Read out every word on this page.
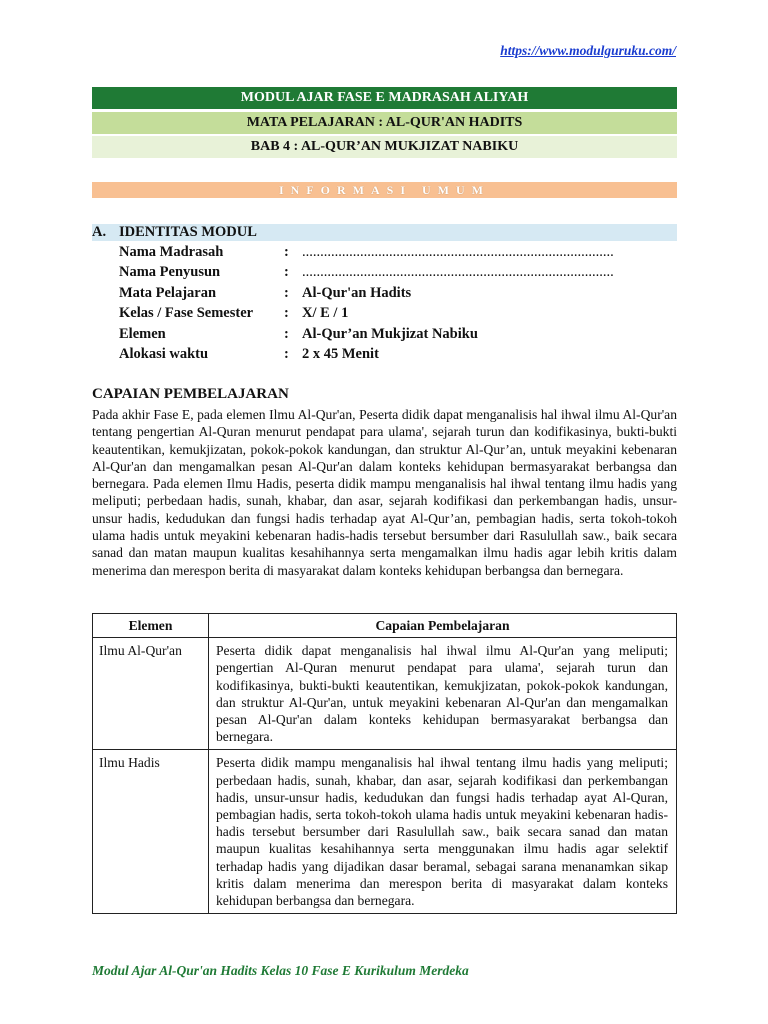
https://www.modulguruku.com/
MODUL AJAR FASE E MADRASAH ALIYAH
MATA PELAJARAN : AL-QUR'AN HADITS
BAB 4 : AL-QUR’AN MUKJIZAT NABIKU
INFORMASI UMUM
A. IDENTITAS MODUL
Nama Madrasah	: ......................................................................................
Nama Penyusun	: ......................................................................................
Mata Pelajaran	: Al-Qur'an Hadits
Kelas / Fase Semester : X/ E / 1
Elemen	: Al-Qur’an Mukjizat Nabiku
Alokasi waktu	: 2 x 45 Menit
CAPAIAN PEMBELAJARAN
Pada akhir Fase E, pada elemen Ilmu Al-Qur'an, Peserta didik dapat menganalisis hal ihwal ilmu Al-Qur'an tentang pengertian Al-Quran menurut pendapat para ulama', sejarah turun dan kodifikasinya, bukti-bukti keautentikan, kemukjizatan, pokok-pokok kandungan, dan struktur Al-Qur’an, untuk meyakini kebenaran Al-Qur'an dan mengamalkan pesan Al-Qur'an dalam konteks kehidupan bermasyarakat berbangsa dan bernegara. Pada elemen Ilmu Hadis, peserta didik mampu menganalisis hal ihwal tentang ilmu hadis yang meliputi; perbedaan hadis, sunah, khabar, dan asar, sejarah kodifikasi dan perkembangan hadis, unsur-unsur hadis, kedudukan dan fungsi hadis terhadap ayat Al-Qur’an, pembagian hadis, serta tokoh-tokoh ulama hadis untuk meyakini kebenaran hadis-hadis tersebut bersumber dari Rasulullah saw., baik secara sanad dan matan maupun kualitas kesahihannya serta mengamalkan ilmu hadis agar lebih kritis dalam menerima dan merespon berita di masyarakat dalam konteks kehidupan berbangsa dan bernegara.
Elemen	Capaian Pembelajaran
Ilmu Al-Qur'an	Peserta didik dapat menganalisis hal ihwal ilmu Al-Qur'an yang meliputi; pengertian Al-Quran menurut pendapat para ulama', sejarah turun dan kodifikasinya, bukti-bukti keautentikan, kemukjizatan, pokok-pokok kandungan, dan struktur Al-Qur'an, untuk meyakini kebenaran Al-Qur'an dan mengamalkan pesan Al-Qur'an dalam konteks kehidupan bermasyarakat berbangsa dan bernegara.
Ilmu Hadis	Peserta didik mampu menganalisis hal ihwal tentang ilmu hadis yang meliputi; perbedaan hadis, sunah, khabar, dan asar, sejarah kodifikasi dan perkembangan hadis, unsur-unsur hadis, kedudukan dan fungsi hadis terhadap ayat Al-Quran, pembagian hadis, serta tokoh-tokoh ulama hadis untuk meyakini kebenaran hadis-hadis tersebut bersumber dari Rasulullah saw., baik secara sanad dan matan maupun kualitas kesahihannya serta menggunakan ilmu hadis agar selektif terhadap hadis yang dijadikan dasar beramal, sebagai sarana menanamkan sikap kritis dalam menerima dan merespon berita di masyarakat dalam konteks kehidupan berbangsa dan bernegara.
Modul Ajar Al-Qur'an Hadits Kelas 10 Fase E Kurikulum Merdeka
